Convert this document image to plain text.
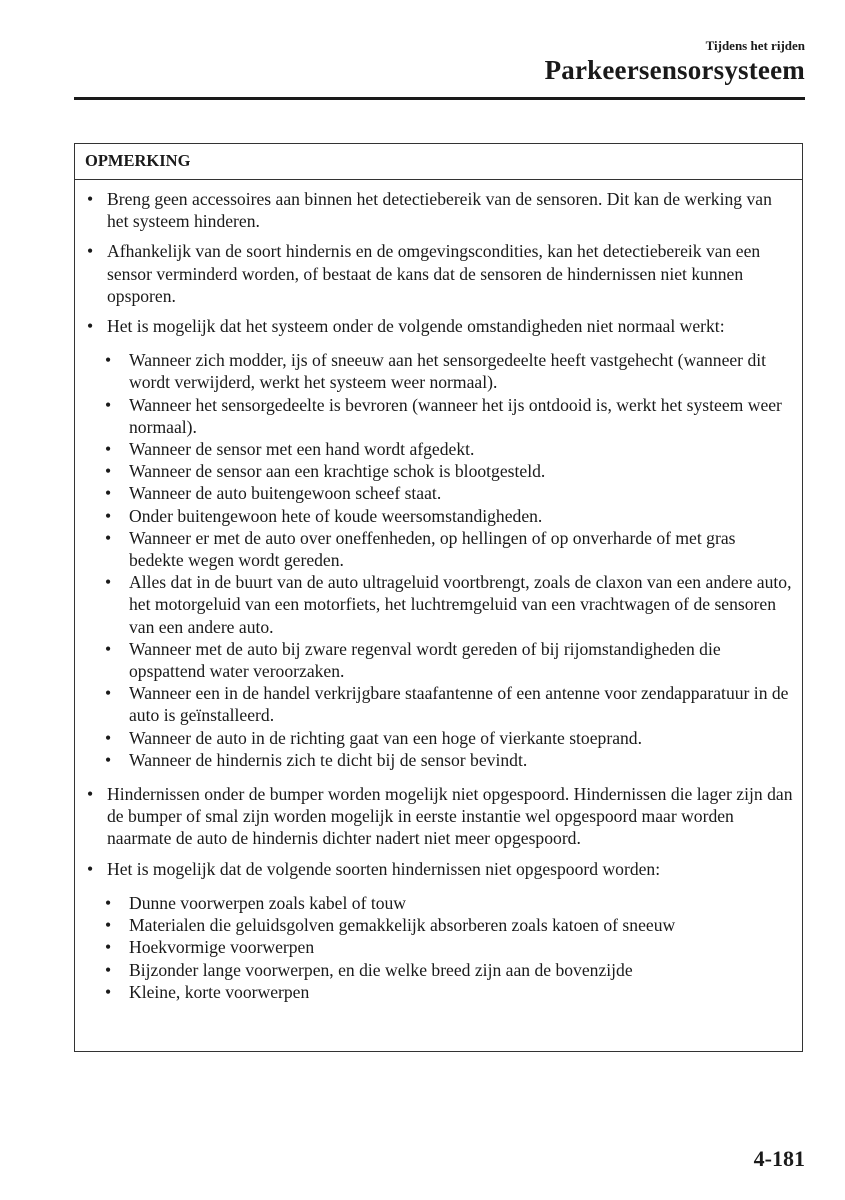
Tijdens het rijden
Parkeersensorsysteem
OPMERKING
• Breng geen accessoires aan binnen het detectiebereik van de sensoren. Dit kan de werking van het systeem hinderen.
• Afhankelijk van de soort hindernis en de omgevingscondities, kan het detectiebereik van een sensor verminderd worden, of bestaat de kans dat de sensoren de hindernissen niet kunnen opsporen.
• Het is mogelijk dat het systeem onder de volgende omstandigheden niet normaal werkt:
•	Wanneer zich modder, ijs of sneeuw aan het sensorgedeelte heeft vastgehecht (wanneer dit wordt verwijderd, werkt het systeem weer normaal).
•	Wanneer het sensorgedeelte is bevroren (wanneer het ijs ontdooid is, werkt het systeem weer normaal).
•	Wanneer de sensor met een hand wordt afgedekt.
•	Wanneer de sensor aan een krachtige schok is blootgesteld.
•	Wanneer de auto buitengewoon scheef staat.
•	Onder buitengewoon hete of koude weersomstandigheden.
•	Wanneer er met de auto over oneffenheden, op hellingen of op onverharde of met gras bedekte wegen wordt gereden.
•	Alles dat in de buurt van de auto ultrageluid voortbrengt, zoals de claxon van een andere auto, het motorgeluid van een motorfiets, het luchtremgeluid van een vrachtwagen of de sensoren van een andere auto.
•	Wanneer met de auto bij zware regenval wordt gereden of bij rijomstandigheden die opspattend water veroorzaken.
•	Wanneer een in de handel verkrijgbare staafantenne of een antenne voor zendapparatuur in de auto is geïnstalleerd.
•	Wanneer de auto in de richting gaat van een hoge of vierkante stoeprand.
•	Wanneer de hindernis zich te dicht bij de sensor bevindt.
• Hindernissen onder de bumper worden mogelijk niet opgespoord. Hindernissen die lager zijn dan de bumper of smal zijn worden mogelijk in eerste instantie wel opgespoord maar worden naarmate de auto de hindernis dichter nadert niet meer opgespoord.
• Het is mogelijk dat de volgende soorten hindernissen niet opgespoord worden:
•	Dunne voorwerpen zoals kabel of touw
•	Materialen die geluidsgolven gemakkelijk absorberen zoals katoen of sneeuw
•	Hoekvormige voorwerpen
•	Bijzonder lange voorwerpen, en die welke breed zijn aan de bovenzijde
•	Kleine, korte voorwerpen
4-181
